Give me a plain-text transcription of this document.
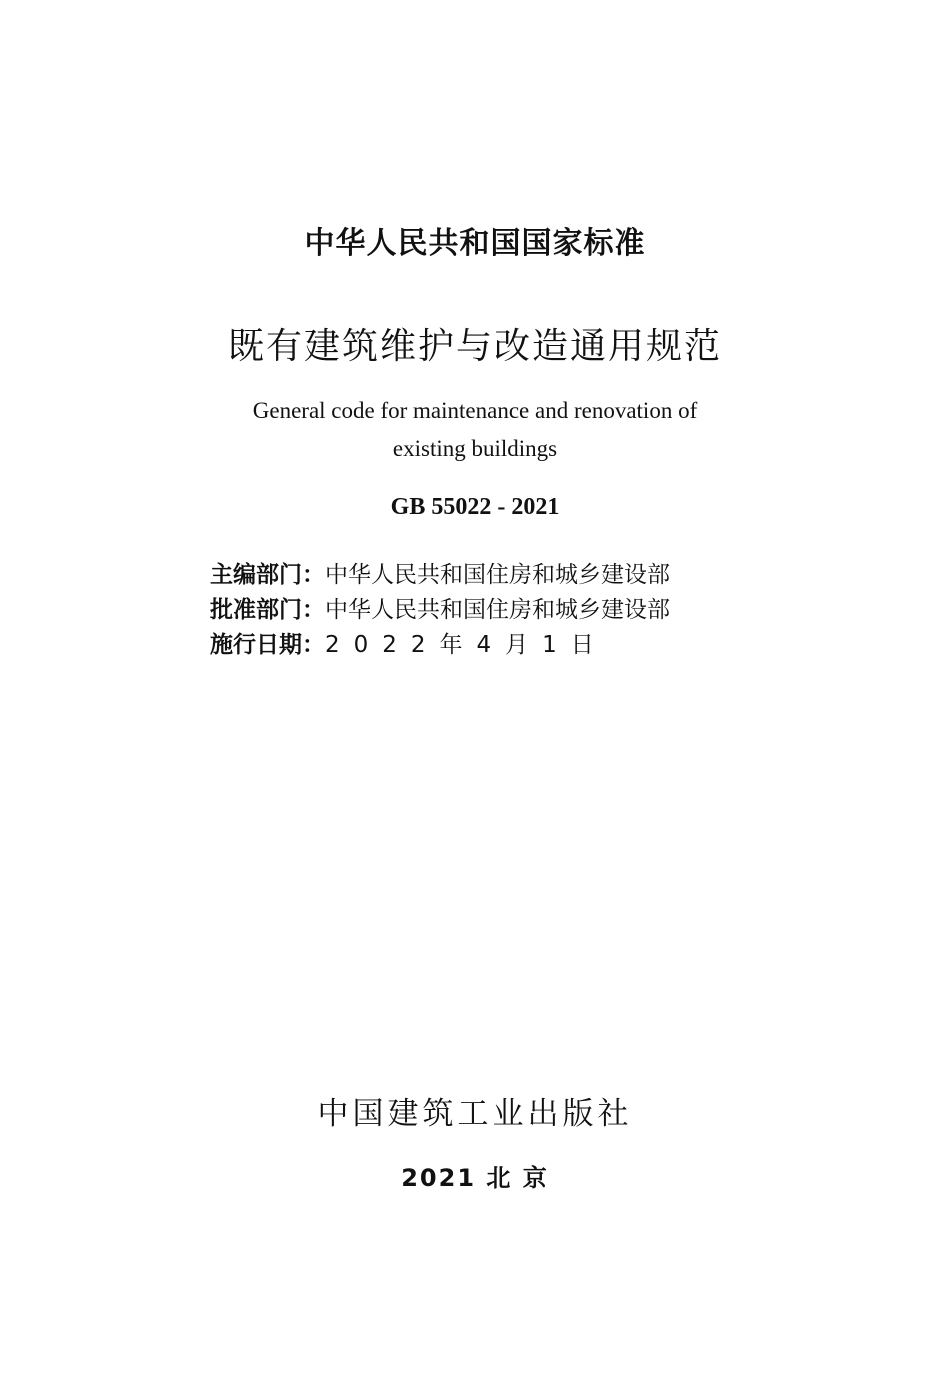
中华人民共和国国家标准
既有建筑维护与改造通用规范
General code for maintenance and renovation of
existing buildings
GB 55022 - 2021
主编部门： 中华人民共和国住房和城乡建设部
批准部门： 中华人民共和国住房和城乡建设部
施行日期： 2022年4月1日
中国建筑工业出版社
2021 北 京
